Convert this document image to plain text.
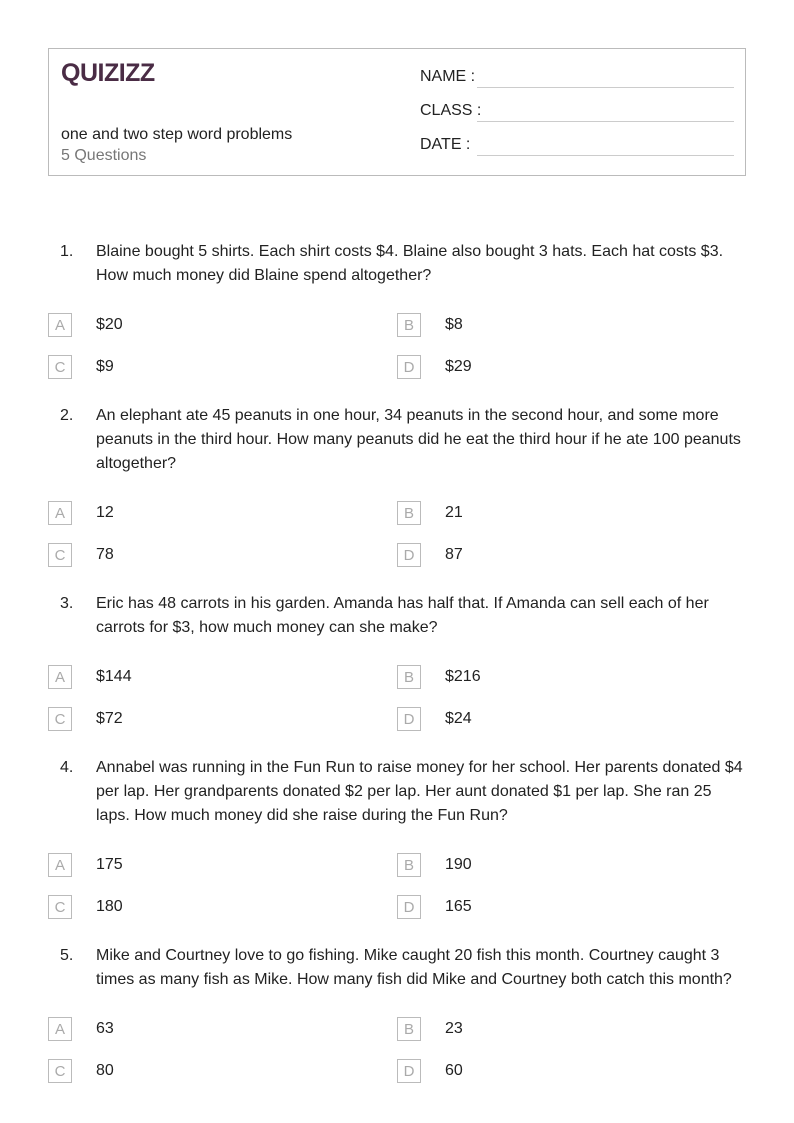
QUIZIZZ
one and two step word problems
5 Questions
NAME :
CLASS :
DATE :
1.	Blaine bought 5 shirts. Each shirt costs $4. Blaine also bought 3 hats. Each hat costs $3. How much money did Blaine spend altogether?
A	$20	B	$8
C	$9	D	$29
2.	An elephant ate 45 peanuts in one hour, 34 peanuts in the second hour, and some more peanuts in the third hour. How many peanuts did he eat the third hour if he ate 100 peanuts altogether?
A	12	B	21
C	78	D	87
3.	Eric has 48 carrots in his garden. Amanda has half that. If Amanda can sell each of her carrots for $3, how much money can she make?
A	$144	B	$216
C	$72	D	$24
4.	Annabel was running in the Fun Run to raise money for her school. Her parents donated $4 per lap. Her grandparents donated $2 per lap. Her aunt donated $1 per lap. She ran 25 laps. How much money did she raise during the Fun Run?
A	175	B	190
C	180	D	165
5.	Mike and Courtney love to go fishing. Mike caught 20 fish this month. Courtney caught 3 times as many fish as Mike. How many fish did Mike and Courtney both catch this month?
A	63	B	23
C	80	D	60
